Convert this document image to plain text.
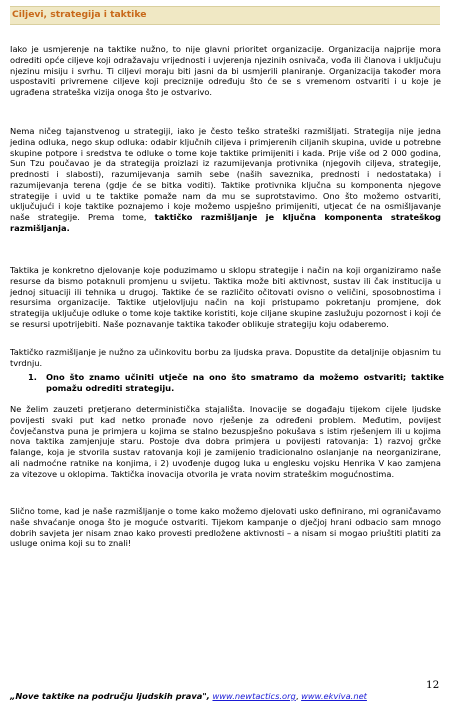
Ciljevi, strategija i taktike

Iako je usmjerenje na taktike nužno, to nije glavni prioritet organizacije. Organizacija najprije mora odrediti opće ciljeve koji odražavaju vrijednosti i uvjerenja njezinih osnivača, vođa ili članova i uključuju njezinu misiju i svrhu. Ti ciljevi moraju biti jasni da bi usmjerili planiranje. Organizacija također mora uspostaviti privremene ciljeve koji preciznije određuju što će se s vremenom ostvariti i u koje je ugrađena strateška vizija onoga što je ostvarivo.

Nema ničeg tajanstvenog u strategiji, iako je često teško strateški razmišljati. Strategija nije jedna jedina odluka, nego skup odluka: odabir ključnih ciljeva i primjerenih ciljanih skupina, uvide u potrebne skupine potpore i sredstva te odluke o tome koje taktike primijeniti i kada. Prije više od 2 000 godina, Sun Tzu poučavao je da strategija proizlazi iz razumijevanja protivnika (njegovih ciljeva, strategije, prednosti i slabosti), razumijevanja samih sebe (naših saveznika, prednosti i nedostataka) i razumijevanja terena (gdje će se bitka voditi). Taktike protivnika ključna su komponenta njegove strategije i uvid u te taktike pomaže nam da mu se suprotstavimo. Ono što možemo ostvariti, uključujući i koje taktike poznajemo i koje možemo uspješno primijeniti, utjecat će na osmišljavanje naše strategije. Prema tome, taktičko razmišljanje je ključna komponenta strateškog razmišljanja.

Taktika je konkretno djelovanje koje poduzimamo u sklopu strategije i način na koji organiziramo naše resurse da bismo potaknuli promjenu u svijetu. Taktika može biti aktivnost, sustav ili čak institucija u jednoj situaciji ili tehnika u drugoj. Taktike će se različito očitovati ovisno o veličini, sposobnostima i resursima organizacije. Taktike utjelovljuju način na koji pristupamo pokretanju promjene, dok strategija uključuje odluke o tome koje taktike koristiti, koje ciljane skupine zaslužuju pozornost i koji će se resursi upotrijebiti. Naše poznavanje taktika također oblikuje strategiju koju odaberemo.

Taktičko razmišljanje je nužno za učinkovitu borbu za ljudska prava. Dopustite da detaljnije objasnim tu tvrdnju.

1.	Ono što znamo učiniti utječe na ono što smatramo da možemo ostvariti; taktike pomažu odrediti strategiju.

Ne želim zauzeti pretjerano deterministička stajališta. Inovacije se događaju tijekom cijele ljudske povijesti svaki put kad netko pronađe novo rješenje za određeni problem. Međutim, povijest čovječanstva puna je primjera u kojima se stalno bezuspješno pokušava s istim rješenjem ili u kojima nova taktika zamjenjuje staru. Postoje dva dobra primjera u povijesti ratovanja: 1) razvoj grčke falange, koja je stvorila sustav ratovanja koji je zamijenio tradicionalno oslanjanje na neorganizirane, ali nadmoćne ratnike na konjima, i 2) uvođenje dugog luka u englesku vojsku Henrika V kao zamjena za vitezove u oklopima. Taktička inovacija otvorila je vrata novim strateškim mogućnostima.

Slično tome, kad je naše razmišljanje o tome kako možemo djelovati usko definirano, mi ograničavamo naše shvaćanje onoga što je moguće ostvariti. Tijekom kampanje o dječjoj hrani odbacio sam mnogo dobrih savjeta jer nisam znao kako provesti predložene aktivnosti – a nisam si mogao priuštiti platiti za usluge onima koji su to znali!

12
„Nove taktike na području ljudskih prava", www.newtactics.org, www.ekviva.net
